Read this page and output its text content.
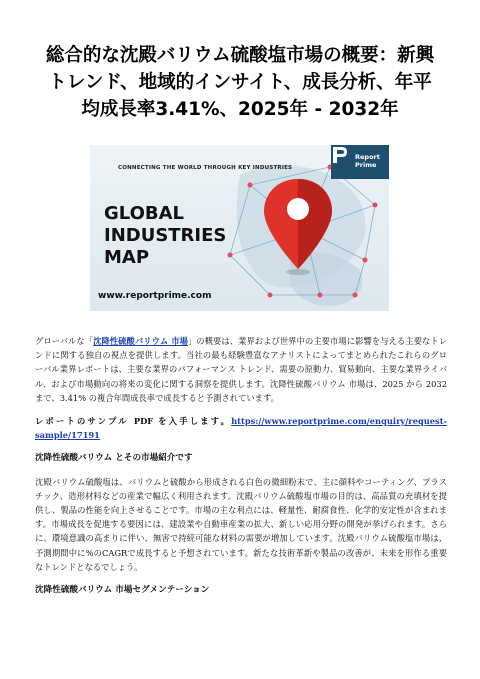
総合的な沈殿バリウム硫酸塩市場の概要：新興
トレンド、地域的インサイト、成長分析、年平
均成長率3.41%、2025年 - 2032年
CONNECTING THE WORLD THROUGH KEY INDUSTRIES
GLOBAL
INDUSTRIES
MAP
www.reportprime.com
Report
Prime

グローバルな「沈降性硫酸バリウム 市場」の概要は、業界および世界中の主要市場に影響を与える主要なトレンドに関する独自の視点を提供します。当社の最も経験豊富なアナリストによってまとめられたこれらのグローバル業界レポートは、主要な業界のパフォーマンス トレンド、需要の原動力、貿易動向、主要な業界ライバル、および市場動向の将来の変化に関する洞察を提供します。沈降性硫酸バリウム 市場は、2025 から 2032 まで、3.41% の複合年間成長率で成長すると予測されています。

レポートのサンプル PDF を入手します。https://www.reportprime.com/enquiry/request-sample/17191

沈降性硫酸バリウム とその市場紹介です

沈殿バリウム硫酸塩は、バリウムと硫酸から形成される白色の微細粉末で、主に顔料やコーティング、プラスチック、造形材料などの産業で幅広く利用されます。沈殿バリウム硫酸塩市場の目的は、高品質の充填材を提供し、製品の性能を向上させることです。市場の主な利点には、軽量性、耐腐食性、化学的安定性が含まれます。市場成長を促進する要因には、建設業や自動車産業の拡大、新しい応用分野の開発が挙げられます。さらに、環境意識の高まりに伴い、無害で持続可能な材料の需要が増加しています。沈殿バリウム硫酸塩市場は、予測期間中に%のCAGRで成長すると予想されています。新たな技術革新や製品の改善が、未来を形作る重要なトレンドとなるでしょう。

沈降性硫酸バリウム 市場セグメンテーション
